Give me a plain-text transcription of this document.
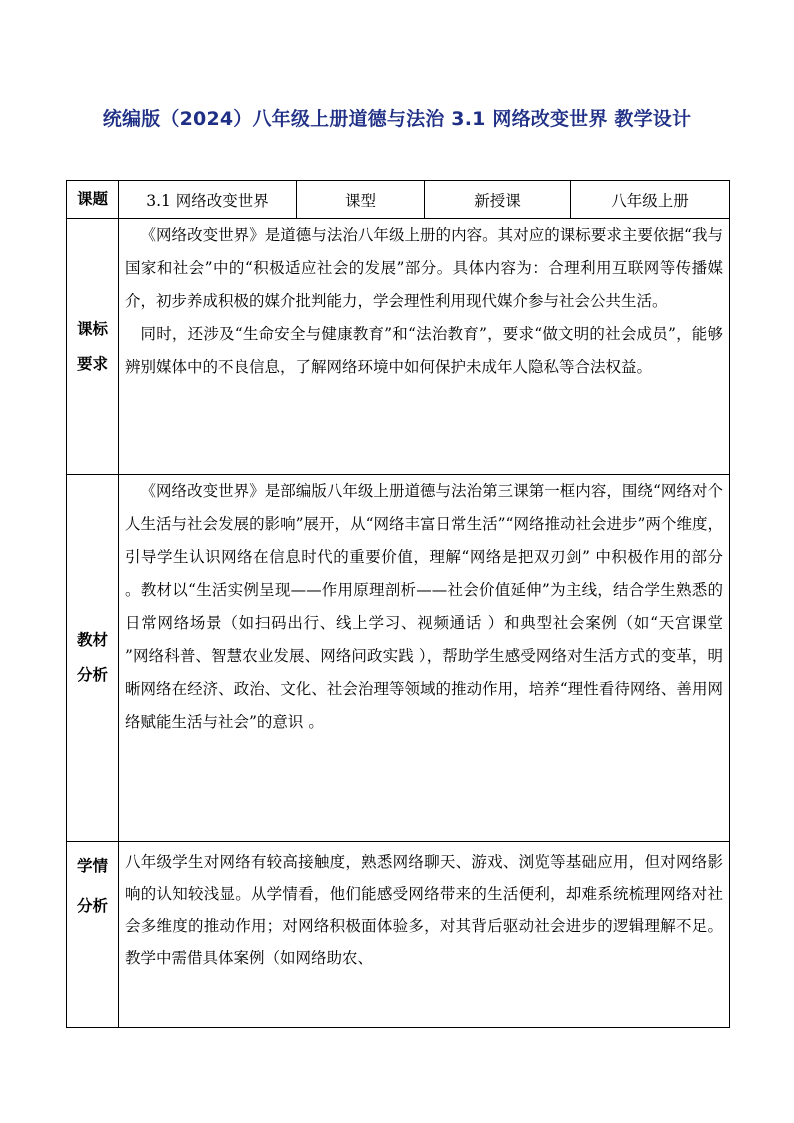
统编版（2024）八年级上册道德与法治 3.1 网络改变世界 教学设计
课题	3.1 网络改变世界	课型	新授课	八年级上册

课标要求	《网络改变世界》是道德与法治八年级上册的内容。其对应的课标要求主要依据“我与国家和社会”中的“积极适应社会的发展”部分。具体内容为：合理利用互联网等传播媒介，初步养成积极的媒介批判能力，学会理性利用现代媒介参与社会公共生活。

同时，还涉及“生命安全与健康教育”和“法治教育”，要求“做文明的社会成员”，能够辨别媒体中的不良信息，了解网络环境中如何保护未成年人隐私等合法权益。			

教材分析	《网络改变世界》是部编版八年级上册道德与法治第三课第一框内容，围绕“网络对个人生活与社会发展的影响”展开，从“网络丰富日常生活”“网络推动社会进步”两个维度，引导学生认识网络在信息时代的重要价值，理解“网络是把双刃剑” 中积极作用的部分 。教材以“生活实例呈现——作用原理剖析——社会价值延伸”为主线，结合学生熟悉的日常网络场景（如扫码出行、线上学习、视频通话 ）和典型社会案例（如“天宫课堂 ”网络科普、智慧农业发展、网络问政实践 ），帮助学生感受网络对生活方式的变革，明晰网络在经济、政治、文化、社会治理等领域的推动作用，培养“理性看待网络、善用网络赋能生活与社会”的意识 。			

学情分析	八年级学生对网络有较高接触度，熟悉网络聊天、游戏、浏览等基础应用，但对网络影响的认知较浅显。从学情看，他们能感受网络带来的生活便利，却难系统梳理网络对社会多维度的推动作用；对网络积极面体验多，对其背后驱动社会进步的逻辑理解不足。教学中需借具体案例（如网络助农、			
